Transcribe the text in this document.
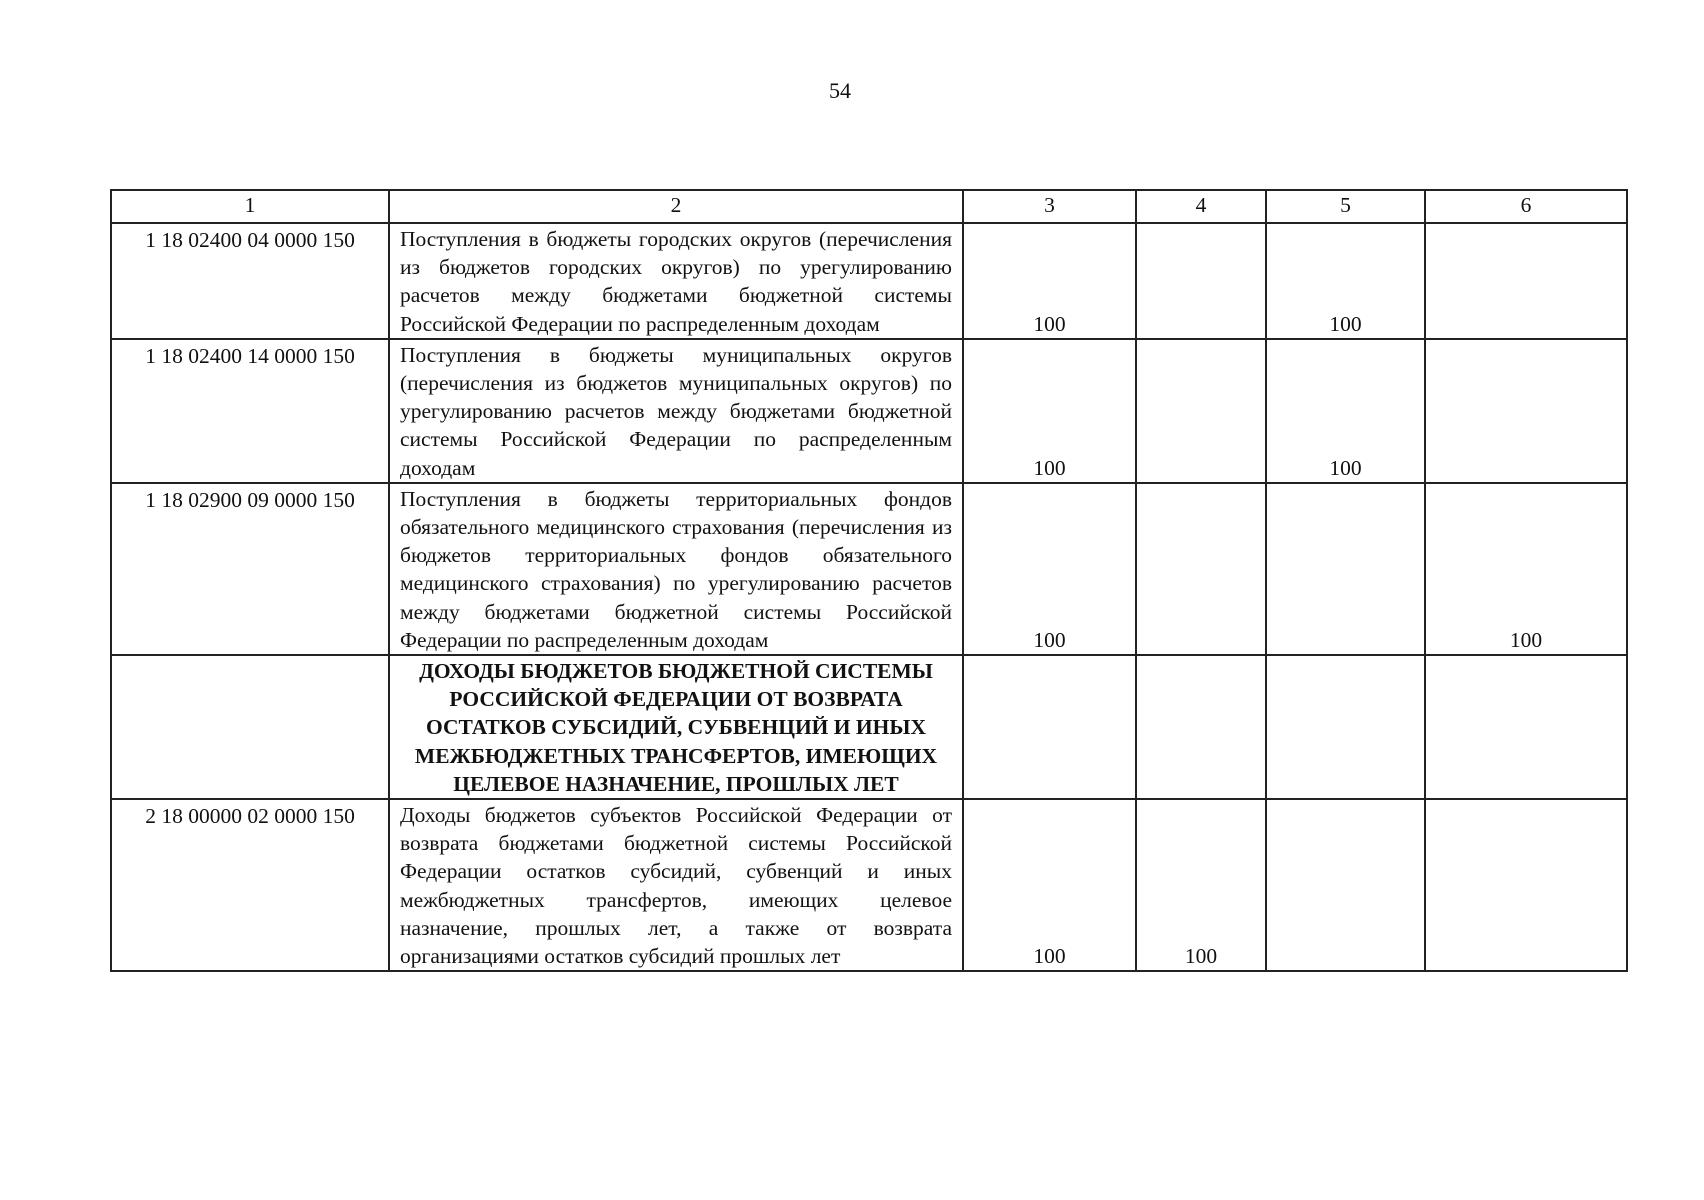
54
1	2	3	4	5	6
1 18 02400 04 0000 150	Поступления в бюджеты городских округов (перечисления из бюджетов городских округов) по урегулированию расчетов между бюджетами бюджетной системы Российской Федерации по распределенным доходам	100		100	
1 18 02400 14 0000 150	Поступления в бюджеты муниципальных округов (перечисления из бюджетов муниципальных округов) по урегулированию расчетов между бюджетами бюджетной системы Российской Федерации по распределенным доходам	100		100	
1 18 02900 09 0000 150	Поступления в бюджеты территориальных фондов обязательного медицинского страхования (перечисления из бюджетов территориальных фондов обязательного медицинского страхования) по урегулированию расчетов между бюджетами бюджетной системы Российской Федерации по распределенным доходам	100			100
	ДОХОДЫ БЮДЖЕТОВ БЮДЖЕТНОЙ СИСТЕМЫ РОССИЙСКОЙ ФЕДЕРАЦИИ ОТ ВОЗВРАТА ОСТАТКОВ СУБСИДИЙ, СУБВЕНЦИЙ И ИНЫХ МЕЖБЮДЖЕТНЫХ ТРАНСФЕРТОВ, ИМЕЮЩИХ ЦЕЛЕВОЕ НАЗНАЧЕНИЕ, ПРОШЛЫХ ЛЕТ				
2 18 00000 02 0000 150	Доходы бюджетов субъектов Российской Федерации от возврата бюджетами бюджетной системы Российской Федерации остатков субсидий, субвенций и иных межбюджетных трансфертов, имеющих целевое назначение, прошлых лет, а также от возврата организациями остатков субсидий прошлых лет	100	100		
